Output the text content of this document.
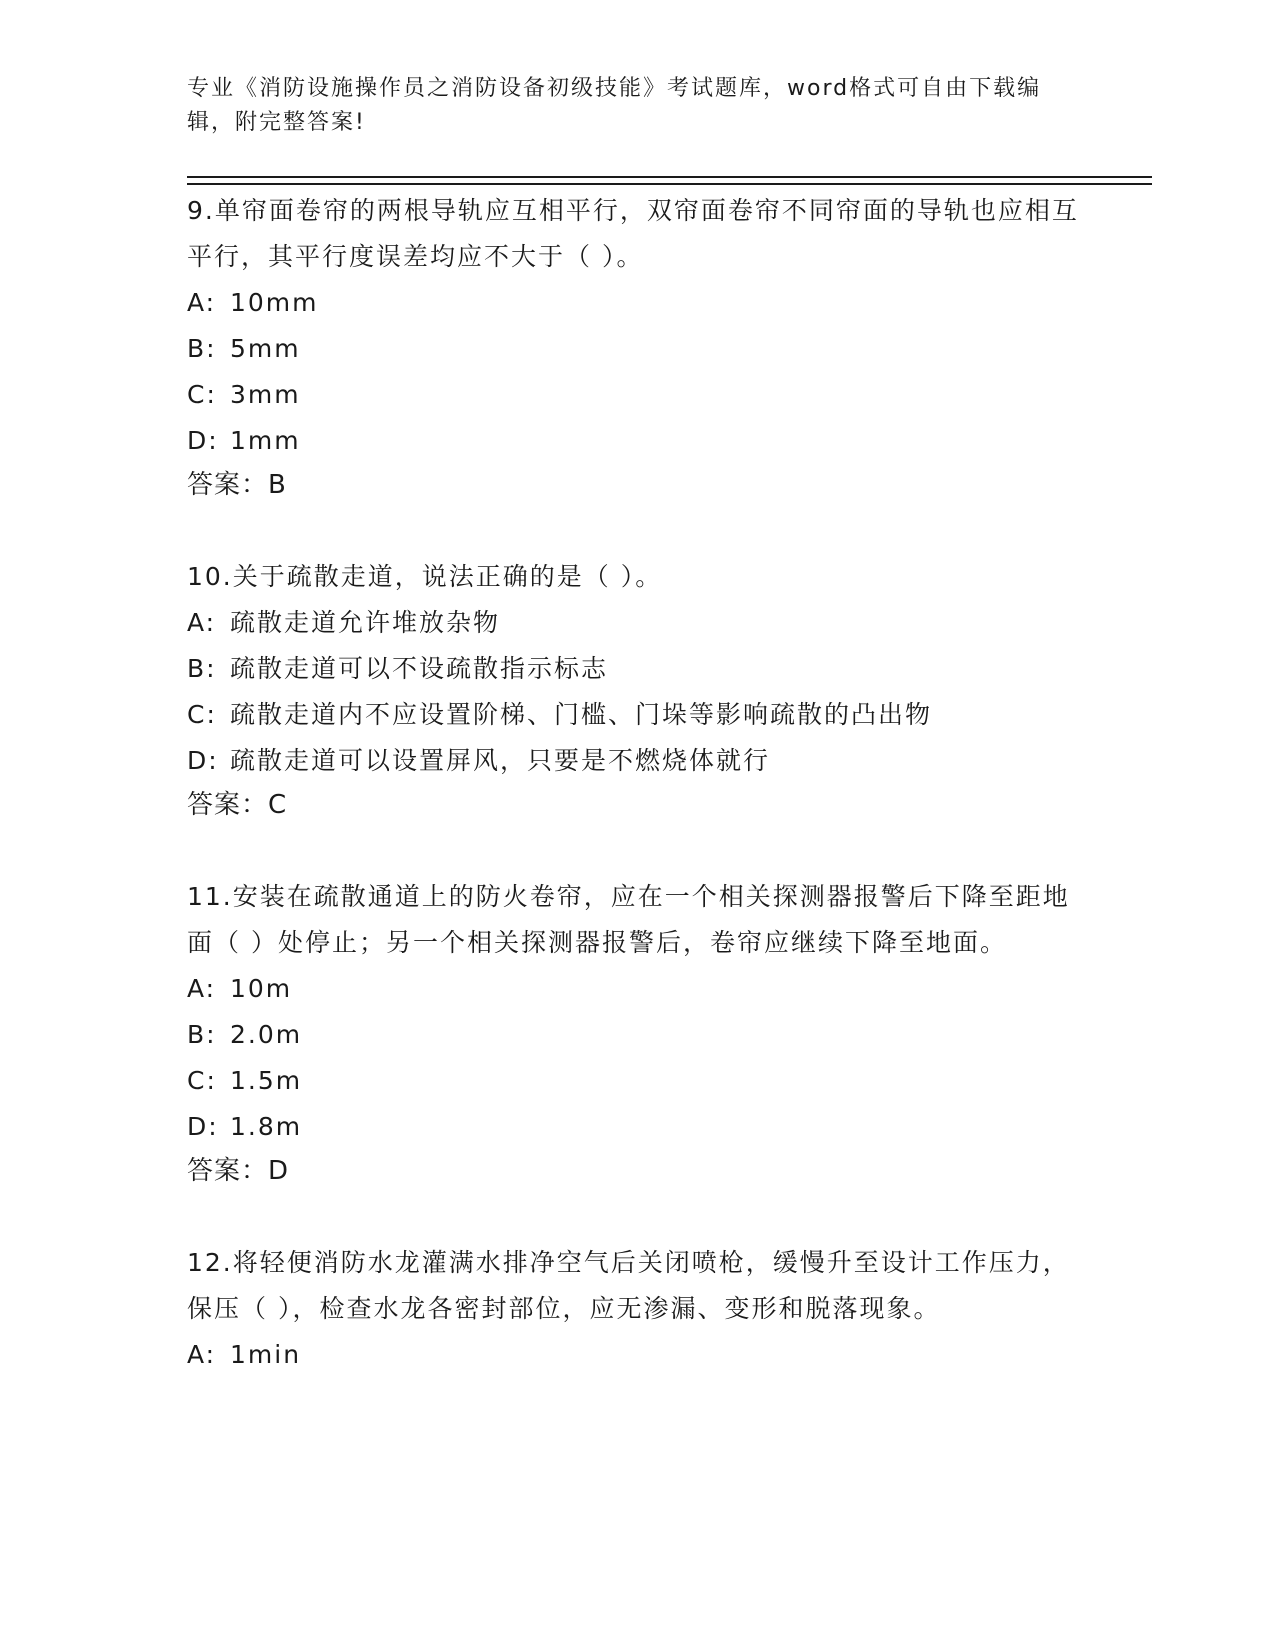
专业《消防设施操作员之消防设备初级技能》考试题库，word格式可自由下载编辑，附完整答案!

9.单帘面卷帘的两根导轨应互相平行，双帘面卷帘不同帘面的导轨也应相互平行，其平行度误差均应不大于（ ）。

A: 10mm

B: 5mm

C: 3mm

D: 1mm

答案：B

10.关于疏散走道，说法正确的是（ ）。

A: 疏散走道允许堆放杂物

B: 疏散走道可以不设疏散指示标志

C: 疏散走道内不应设置阶梯、门槛、门垛等影响疏散的凸出物

D: 疏散走道可以设置屏风，只要是不燃烧体就行

答案：C

11.安装在疏散通道上的防火卷帘，应在一个相关探测器报警后下降至距地面（ ）处停止；另一个相关探测器报警后，卷帘应继续下降至地面。

A: 10m

B: 2.0m

C: 1.5m

D: 1.8m

答案：D

12.将轻便消防水龙灌满水排净空气后关闭喷枪，缓慢升至设计工作压力，保压（ ），检查水龙各密封部位，应无渗漏、变形和脱落现象。

A: 1min
